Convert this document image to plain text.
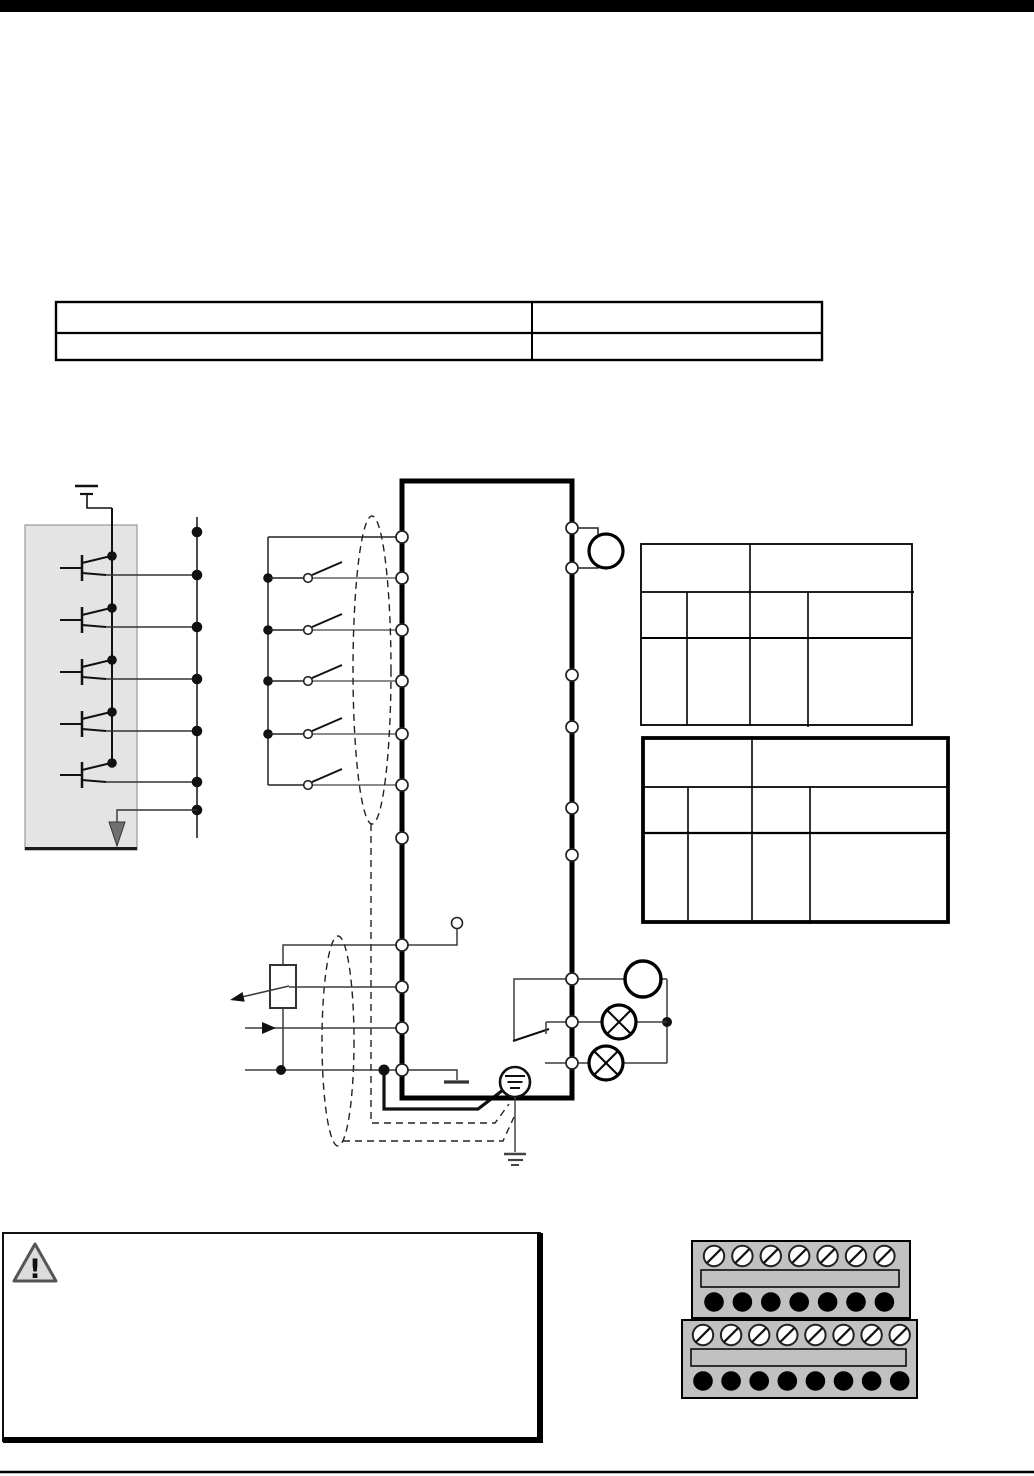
!
